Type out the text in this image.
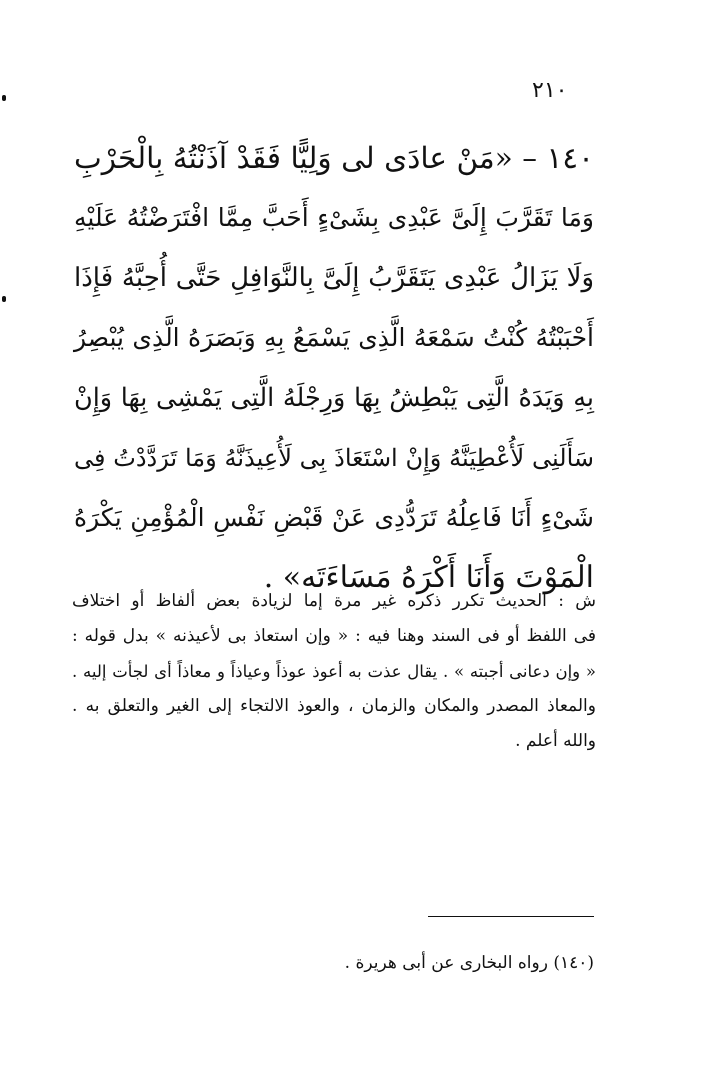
٢١٠
١٤٠ – «مَنْ عادَى لى وَلِيًّا فَقَدْ آذَنْتُهُ بِالْحَرْبِ
وَمَا تَقَرَّبَ إِلَىَّ عَبْدِى بِشَىْءٍ أَحَبَّ مِمَّا افْتَرَضْتُهُ عَلَيْهِ
وَلَا يَزَالُ عَبْدِى يَتَقَرَّبُ إِلَىَّ بِالنَّوَافِلِ حَتَّى أُحِبَّهُ فَإِذَا
أَحْبَبْتُهُ كُنْتُ سَمْعَهُ الَّذِى يَسْمَعُ بِهِ وَبَصَرَهُ الَّذِى يُبْصِرُ
بِهِ وَيَدَهُ الَّتِى يَبْطِشُ بِهَا وَرِجْلَهُ الَّتِى يَمْشِى بِهَا وَإِنْ
سَأَلَنِى لَأُعْطِيَنَّهُ وَإِنْ اسْتَعَاذَ بِى لَأُعِيذَنَّهُ وَمَا تَرَدَّدْتُ فِى
شَىْءٍ أَنَا فَاعِلُهُ تَرَدُّدِى عَنْ قَبْضِ نَفْسِ الْمُؤْمِنِ يَكْرَهُ
الْمَوْتَ وَأَنَا أَكْرَهُ مَسَاءَتَه» .
ش : الحديث تكرر ذكره غير مرة إما لزيادة بعض ألفاظ أو اختلاف
فى اللفظ أو فى السند وهنا فيه : « وإن استعاذ بى لأعيذنه » بدل قوله :
« وإن دعانى أجبته » . يقال عذت به أعوذ عوذاً وعياذاً و معاذاً أى لجأت إليه .
والمعاذ المصدر والمكان والزمان ، والعوذ الالتجاء إلى الغير والتعلق به .
والله أعلم .
(١٤٠) رواه البخارى عن أبى هريرة .
